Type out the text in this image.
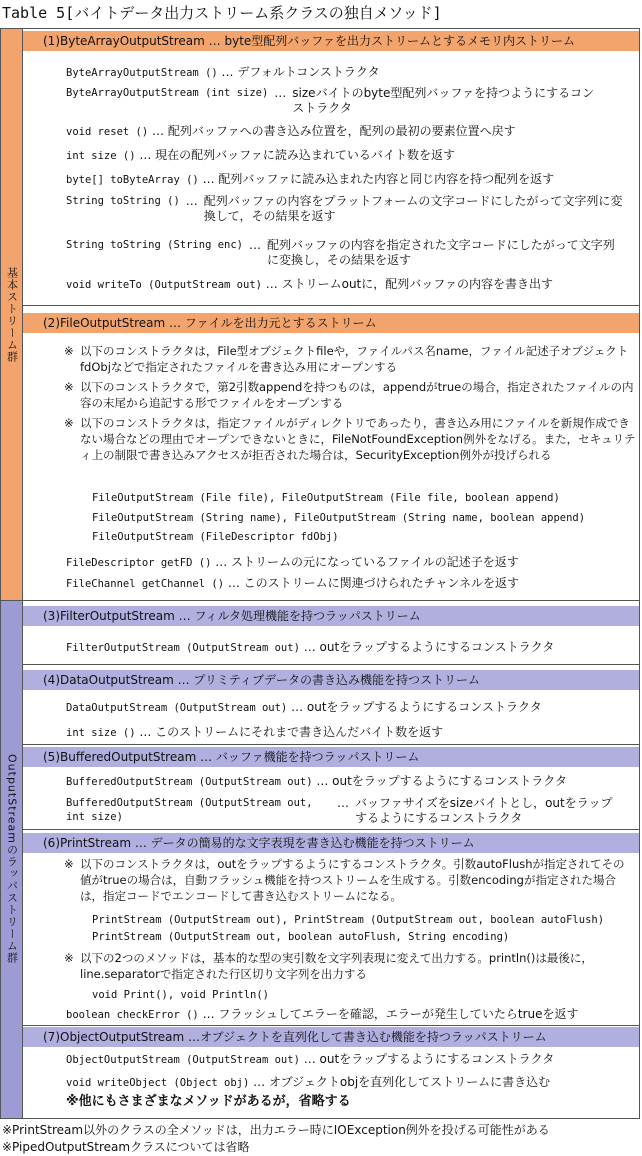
Table 5[バイトデータ出力ストリーム系クラスの独自メソッド]
基本ストリーム群
OutputStreamのラッパストリーム群
(1)ByteArrayOutputStream … byte型配列バッファを出力ストリームとするメモリ内ストリーム
ByteArrayOutputStream () … デフォルトコンストラクタ
ByteArrayOutputStream (int size) … sizeバイトのbyte型配列バッファを持つようにするコンストラクタ
void reset () … 配列バッファへの書き込み位置を，配列の最初の要素位置へ戻す
int size () … 現在の配列バッファに読み込まれているバイト数を返す
byte[] toByteArray () … 配列バッファに読み込まれた内容と同じ内容を持つ配列を返す
String toString () … 配列バッファの内容をプラットフォームの文字コードにしたがって文字列に変換して，その結果を返す
String toString (String enc) … 配列バッファの内容を指定された文字コードにしたがって文字列に変換し，その結果を返す
void writeTo (OutputStream out) … ストリームoutに，配列バッファの内容を書き出す
(2)FileOutputStream … ファイルを出力元とするストリーム
※ 以下のコンストラクタは，File型オブジェクトfileや，ファイルパス名name，ファイル記述子オブジェクトfdObjなどで指定されたファイルを書き込み用にオープンする
※ 以下のコンストラクタで，第2引数appendを持つものは，appendがtrueの場合，指定されたファイルの内容の末尾から追記する形でファイルをオープンする
※ 以下のコンストラクタは，指定ファイルがディレクトリであったり，書き込み用にファイルを新規作成できない場合などの理由でオープンできないときに，FileNotFoundException例外をなげる。また，セキュリティ上の制限で書き込みアクセスが拒否された場合は，SecurityException例外が投げられる
FileOutputStream (File file), FileOutputStream (File file, boolean append)
FileOutputStream (String name), FileOutputStream (String name, boolean append)
FileOutputStream (FileDescriptor fdObj)
FileDescriptor getFD () … ストリームの元になっているファイルの記述子を返す
FileChannel getChannel () … このストリームに関連づけられたチャンネルを返す
(3)FilterOutputStream … フィルタ処理機能を持つラッパストリーム
FilterOutputStream (OutputStream out) … outをラップするようにするコンストラクタ
(4)DataOutputStream … プリミティブデータの書き込み機能を持つストリーム
DataOutputStream (OutputStream out) … outをラップするようにするコンストラクタ
int size () … このストリームにそれまで書き込んだバイト数を返す
(5)BufferedOutputStream … バッファ機能を持つラッパストリーム
BufferedOutputStream (OutputStream out) … outをラップするようにするコンストラクタ
BufferedOutputStream (OutputStream out, int size)
… バッファサイズをsizeバイトとし，outをラップするようにするコンストラクタ
(6)PrintStream … データの簡易的な文字表現を書き込む機能を持つストリーム
※ 以下のコンストラクタは，outをラップするようにするコンストラクタ。引数autoFlushが指定されてその値がtrueの場合は，自動フラッシュ機能を持つストリームを生成する。引数encodingが指定された場合は，指定コードでエンコードして書き込むストリームになる。
PrintStream (OutputStream out), PrintStream (OutputStream out, boolean autoFlush)
PrintStream (OutputStream out, boolean autoFlush, String encoding)
※ 以下の2つのメソッドは，基本的な型の実引数を文字列表現に変えて出力する。println()は最後に，line.separatorで指定された行区切り文字列を出力する
void Print(), void Println()
boolean checkError () … フラッシュしてエラーを確認，エラーが発生していたらtrueを返す
(7)ObjectOutputStream …オブジェクトを直列化して書き込む機能を持つラッパストリーム
ObjectOutputStream (OutputStream out) … outをラップするようにするコンストラクタ
void writeObject (Object obj) … オブジェクトobjを直列化してストリームに書き込む
※他にもさまざまなメソッドがあるが，省略する
※PrintStream以外のクラスの全メソッドは，出力エラー時にIOException例外を投げる可能性がある
※PipedOutputStreamクラスについては省略
